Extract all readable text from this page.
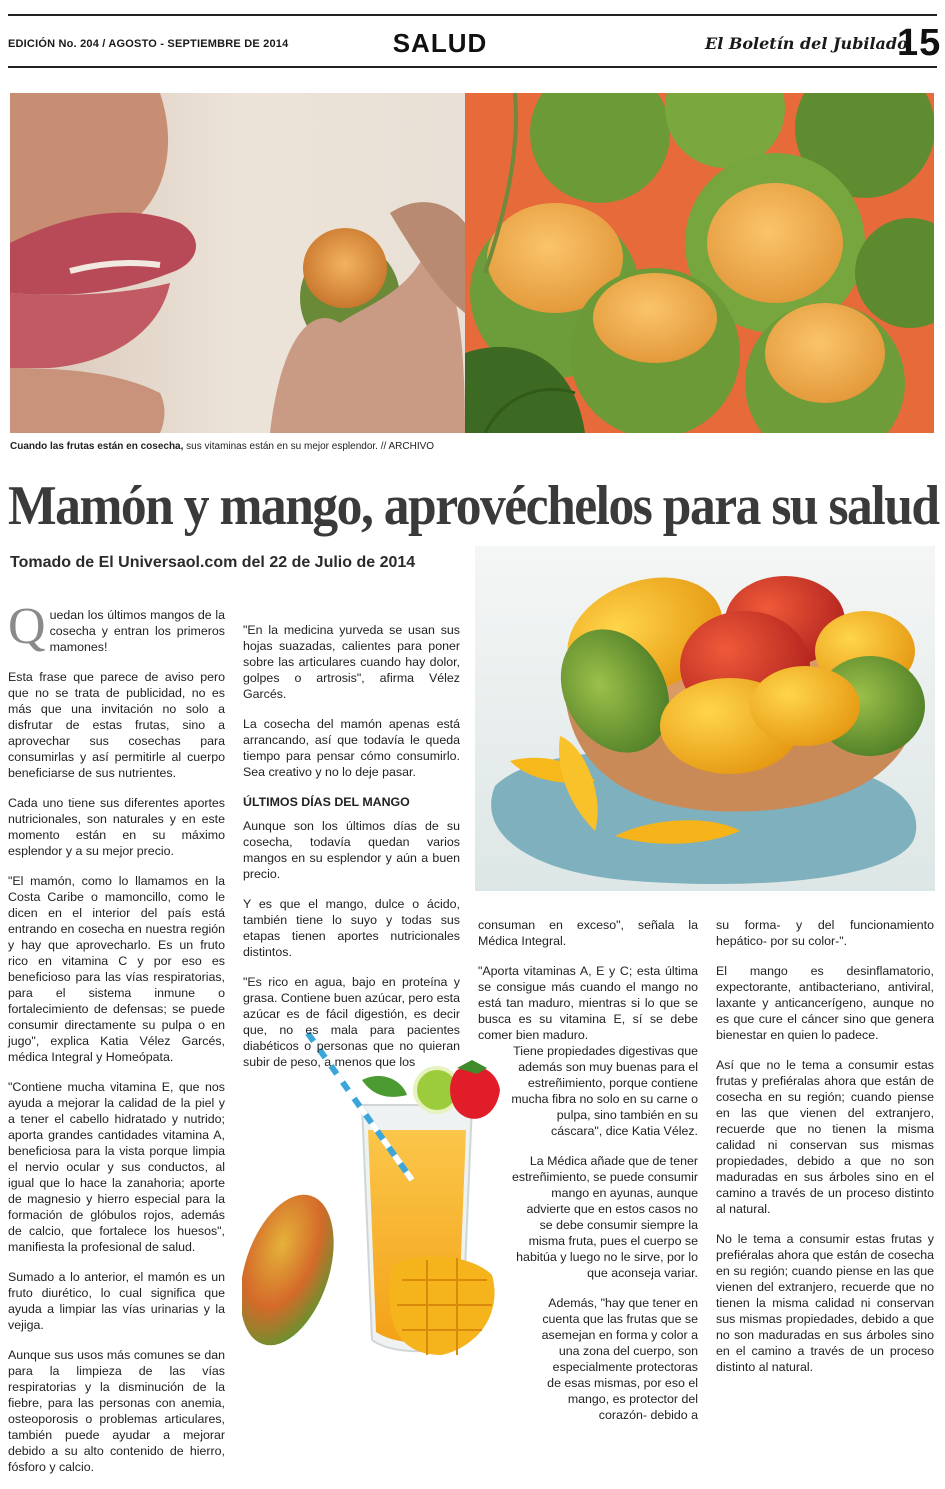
EDICIÓN No. 204 / AGOSTO - SEPTIEMBRE DE 2014	SALUD	El Boletín del Jubilado
15
Cuando las frutas están en cosecha, sus vitaminas están en su mejor esplendor. // ARCHIVO
Mamón y mango, aprovéchelos para su salud
Tomado de El Universaol.com del 22 de Julio de 2014

Quedan los últimos mangos de la cosecha y entran los primeros mamones!

Esta frase que parece de aviso pero que no se trata de publicidad, no es más que una invitación no solo a disfrutar de estas frutas, sino a aprovechar sus cosechas para consumirlas y así permitirle al cuerpo beneficiarse de sus nutrientes.

Cada uno tiene sus diferentes aportes nutricionales, son naturales y en este momento están en su máximo esplendor y a su mejor precio.

"El mamón, como lo llamamos en la Costa Caribe o mamoncillo, como le dicen en el interior del país está entrando en cosecha en nuestra región y hay que aprovecharlo. Es un fruto rico en vitamina C y por eso es beneficioso para las vías respiratorias, para el sistema inmune o fortalecimiento de defensas; se puede consumir directamente su pulpa o en jugo", explica Katia Vélez Garcés, médica Integral y Homeópata.

"Contiene mucha vitamina E, que nos ayuda a mejorar la calidad de la piel y a tener el cabello hidratado y nutrido; aporta grandes cantidades vitamina A, beneficiosa para la vista porque limpia el nervio ocular y sus conductos, al igual que lo hace la zanahoria; aporte de magnesio y hierro especial para la formación de glóbulos rojos, además de calcio, que fortalece los huesos", manifiesta la profesional de salud.

Sumado a lo anterior, el mamón es un fruto diurético, lo cual significa que ayuda a limpiar las vías urinarias y la vejiga.

Aunque sus usos más comunes se dan para la limpieza de las vías respiratorias y la disminución de la fiebre, para las personas con anemia, osteoporosis o problemas articulares, también puede ayudar a mejorar debido a su alto contenido de hierro, fósforo y calcio.

"En la medicina yurveda se usan sus hojas suazadas, calientes para poner sobre las articulares cuando hay dolor, golpes o artrosis", afirma Vélez Garcés.

La cosecha del mamón apenas está arrancando, así que todavía le queda tiempo para pensar cómo consumirlo. Sea creativo y no lo deje pasar.

ÚLTIMOS DÍAS DEL MANGO

Aunque son los últimos días de su cosecha, todavía quedan varios mangos en su esplendor y aún a buen precio.

Y es que el mango, dulce o ácido, también tiene lo suyo y todas sus etapas tienen aportes nutricionales distintos.

"Es rico en agua, bajo en proteína y grasa. Contiene buen azúcar, pero esta azúcar es de fácil digestión, es decir que, no es mala para pacientes diabéticos o personas que no quieran subir de peso, a menos que los

consuman en exceso", señala la Médica Integral.

"Aporta vitaminas A, E y C; esta última se consigue más cuando el mango no está tan maduro, mientras si lo que se busca es su vitamina E, sí se debe comer bien maduro.

Tiene propiedades digestivas que además son muy buenas para el estreñimiento, porque contiene mucha fibra no solo en su carne o pulpa, sino también en su cáscara", dice Katia Vélez.

La Médica añade que de tener estreñimiento, se puede consumir mango en ayunas, aunque advierte que en estos casos no se debe consumir siempre la misma fruta, pues el cuerpo se habitúa y luego no le sirve, por lo que aconseja variar.

Además, "hay que tener en cuenta que las frutas que se asemejan en forma y color a una zona del cuerpo, son especialmente protectoras de esas mismas, por eso el mango, es protector del corazón- debido a

su forma- y del funcionamiento hepático- por su color-".

El mango es desinflamatorio, expectorante, antibacteriano, antiviral, laxante y anticancerígeno, aunque no es que cure el cáncer sino que genera bienestar en quien lo padece.

Así que no le tema a consumir estas frutas y prefiéralas ahora que están de cosecha en su región; cuando piense en las que vienen del extranjero, recuerde que no tienen la misma calidad ni conservan sus mismas propiedades, debido a que no son maduradas en sus árboles sino en el camino a través de un proceso distinto al natural.

No le tema a consumir estas frutas y prefiéralas ahora que están de cosecha en su región; cuando piense en las que vienen del extranjero, recuerde que no tienen la misma calidad ni conservan sus mismas propiedades, debido a que no son maduradas en sus árboles sino en el camino a través de un proceso distinto al natural.
